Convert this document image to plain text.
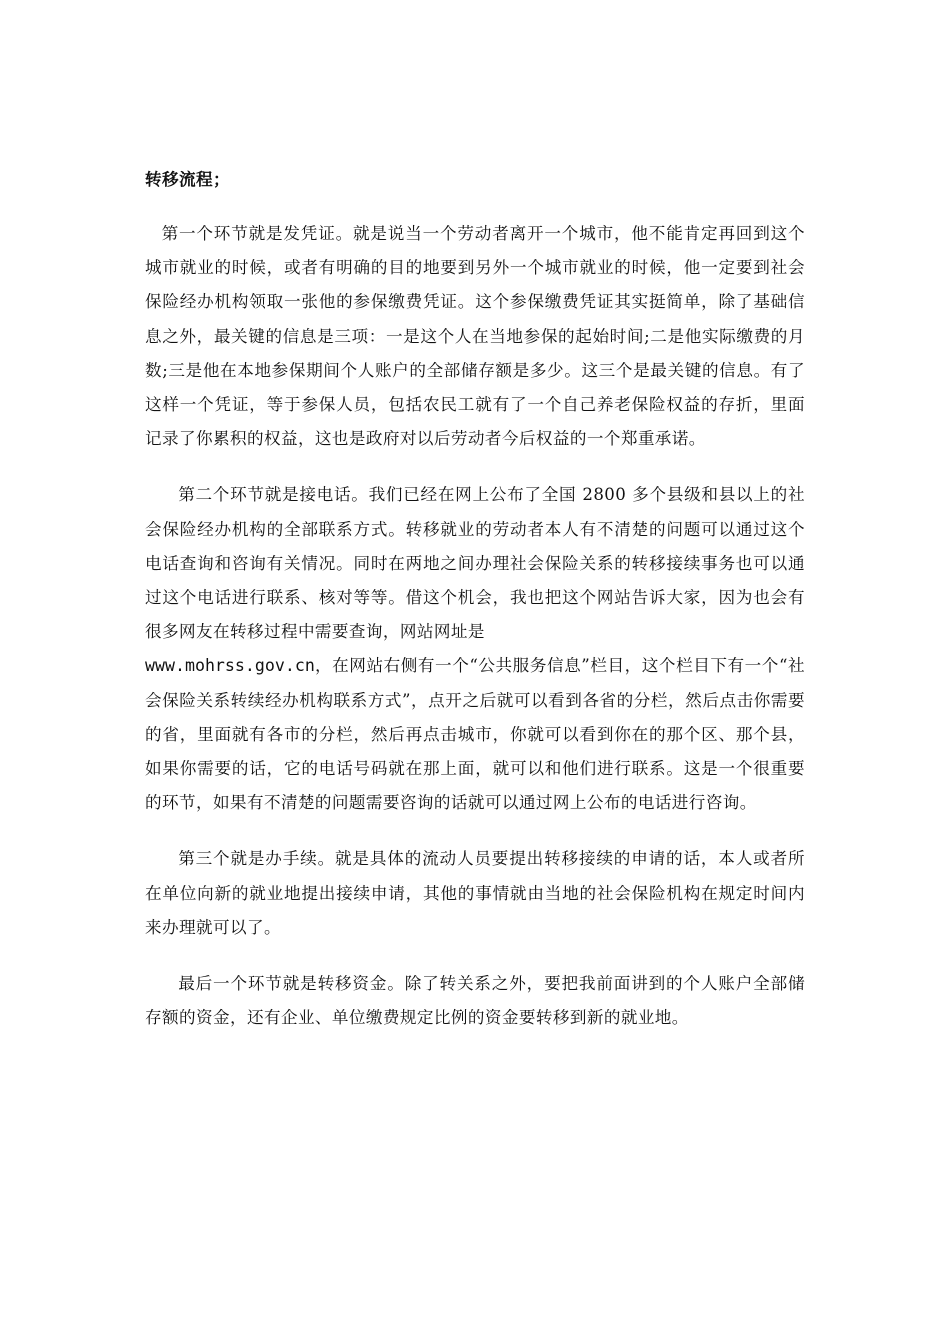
转移流程；

第一个环节就是发凭证。就是说当一个劳动者离开一个城市，他不能肯定再回到这个城市就业的时候，或者有明确的目的地要到另外一个城市就业的时候，他一定要到社会保险经办机构领取一张他的参保缴费凭证。这个参保缴费凭证其实挺简单，除了基础信息之外，最关键的信息是三项：一是这个人在当地参保的起始时间;二是他实际缴费的月数;三是他在本地参保期间个人账户的全部储存额是多少。这三个是最关键的信息。有了这样一个凭证，等于参保人员，包括农民工就有了一个自己养老保险权益的存折，里面记录了你累积的权益，这也是政府对以后劳动者今后权益的一个郑重承诺。

第二个环节就是接电话。我们已经在网上公布了全国 2800 多个县级和县以上的社会保险经办机构的全部联系方式。转移就业的劳动者本人有不清楚的问题可以通过这个电话查询和咨询有关情况。同时在两地之间办理社会保险关系的转移接续事务也可以通过这个电话进行联系、核对等等。借这个机会，我也把这个网站告诉大家，因为也会有很多网友在转移过程中需要查询，网站网址是
www.mohrss.gov.cn，在网站右侧有一个“公共服务信息”栏目，这个栏目下有一个“社会保险关系转续经办机构联系方式”，点开之后就可以看到各省的分栏，然后点击你需要的省，里面就有各市的分栏，然后再点击城市，你就可以看到你在的那个区、那个县，如果你需要的话，它的电话号码就在那上面，就可以和他们进行联系。这是一个很重要的环节，如果有不清楚的问题需要咨询的话就可以通过网上公布的电话进行咨询。

第三个就是办手续。就是具体的流动人员要提出转移接续的申请的话，本人或者所在单位向新的就业地提出接续申请，其他的事情就由当地的社会保险机构在规定时间内来办理就可以了。

最后一个环节就是转移资金。除了转关系之外，要把我前面讲到的个人账户全部储存额的资金，还有企业、单位缴费规定比例的资金要转移到新的就业地。
